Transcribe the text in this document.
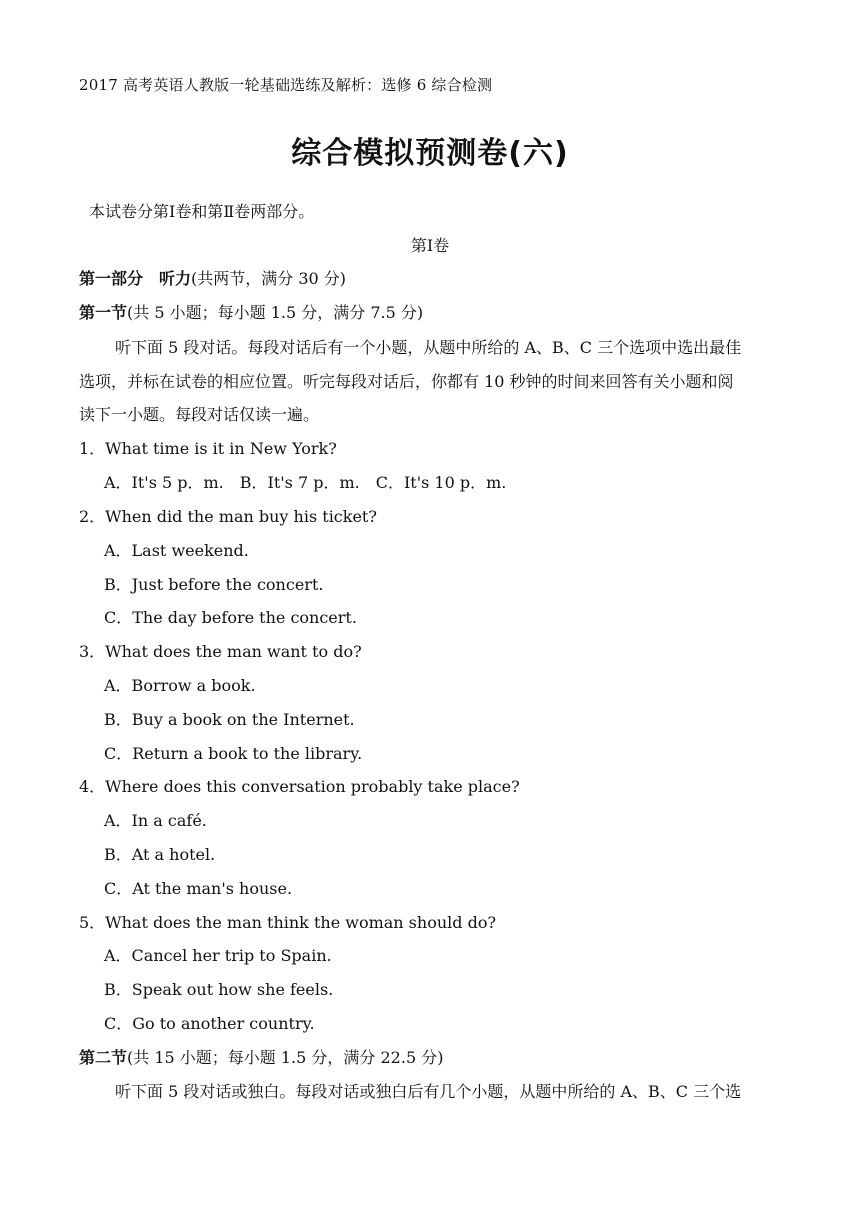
2017 高考英语人教版一轮基础选练及解析：选修 6 综合检测
综合模拟预测卷(六)
本试卷分第Ⅰ卷和第Ⅱ卷两部分。
第Ⅰ卷
第一部分　听力(共两节，满分 30 分)
第一节(共 5 小题；每小题 1.5 分，满分 7.5 分)
听下面 5 段对话。每段对话后有一个小题，从题中所给的 A、B、C 三个选项中选出最佳
选项，并标在试卷的相应位置。听完每段对话后，你都有 10 秒钟的时间来回答有关小题和阅
读下一小题。每段对话仅读一遍。
1．What time is it in New York?
A．It's 5 p．m.　B．It's 7 p．m.　C．It's 10 p．m.
2．When did the man buy his ticket?
A．Last weekend.
B．Just before the concert.
C．The day before the concert.
3．What does the man want to do?
A．Borrow a book.
B．Buy a book on the Internet.
C．Return a book to the library.
4．Where does this conversation probably take place?
A．In a café.
B．At a hotel.
C．At the man's house.
5．What does the man think the woman should do?
A．Cancel her trip to Spain.
B．Speak out how she feels.
C．Go to another country.
第二节(共 15 小题；每小题 1.5 分，满分 22.5 分)
听下面 5 段对话或独白。每段对话或独白后有几个小题，从题中所给的 A、B、C 三个选
